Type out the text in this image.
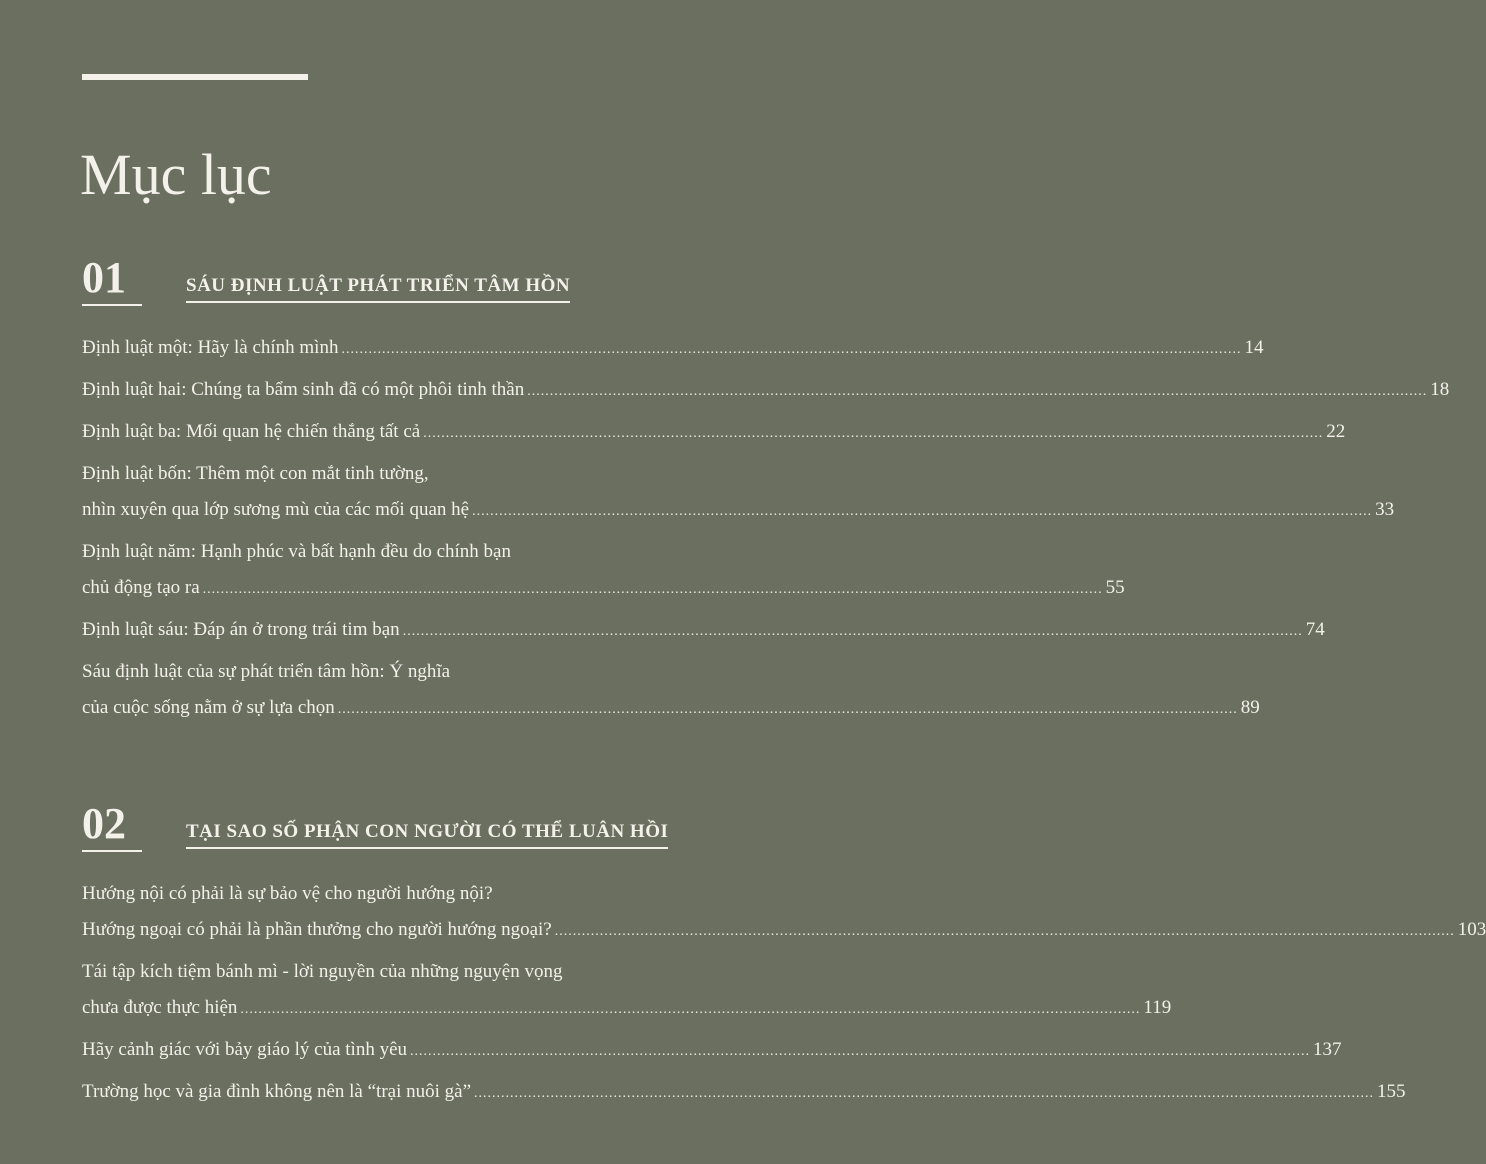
Mục lục
01	SÁU ĐỊNH LUẬT PHÁT TRIỂN TÂM HỒN
Định luật một: Hãy là chính mình ........................................................................................................................................................................................................ 14
Định luật hai: Chúng ta bẩm sinh đã có một phôi tinh thần ........................................................................................................................................................................................................ 18
Định luật ba: Mối quan hệ chiến thắng tất cả ........................................................................................................................................................................................................ 22
Định luật bốn: Thêm một con mắt tinh tường,
nhìn xuyên qua lớp sương mù của các mối quan hệ ........................................................................................................................................................................................................ 33
Định luật năm: Hạnh phúc và bất hạnh đều do chính bạn
chủ động tạo ra ........................................................................................................................................................................................................ 55
Định luật sáu: Đáp án ở trong trái tim bạn ........................................................................................................................................................................................................ 74
Sáu định luật của sự phát triển tâm hồn: Ý nghĩa
của cuộc sống nằm ở sự lựa chọn ........................................................................................................................................................................................................ 89
02	TẠI SAO SỐ PHẬN CON NGƯỜI CÓ THỂ LUÂN HỒI
Hướng nội có phải là sự bảo vệ cho người hướng nội?
Hướng ngoại có phải là phần thưởng cho người hướng ngoại? ........................................................................................................................................................................................................ 103
Tái tập kích tiệm bánh mì - lời nguyền của những nguyện vọng
chưa được thực hiện ........................................................................................................................................................................................................ 119
Hãy cảnh giác với bảy giáo lý của tình yêu ........................................................................................................................................................................................................ 137
Trường học và gia đình không nên là “trại nuôi gà” ........................................................................................................................................................................................................ 155
